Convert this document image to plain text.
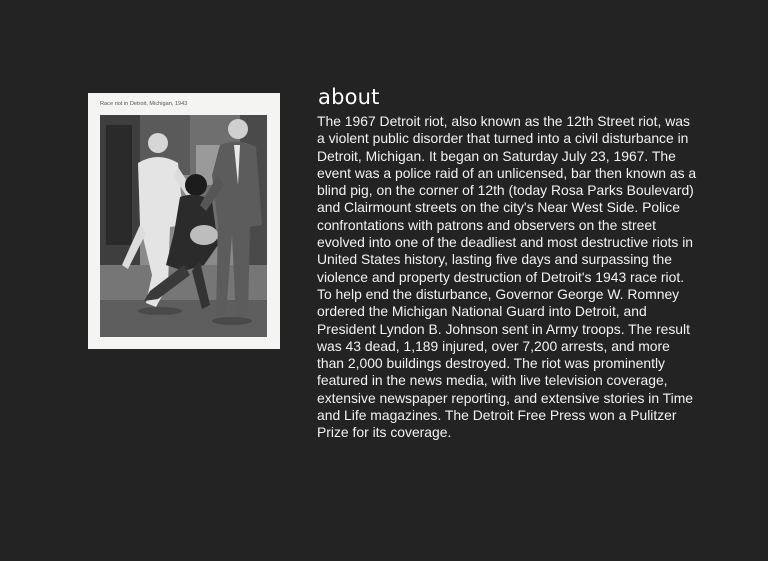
Race riot in Detroit, Michigan, 1943	about

The 1967 Detroit riot, also known as the 12th Street riot, was a violent public disorder that turned into a civil disturbance in Detroit, Michigan. It began on Saturday July 23, 1967. The event was a police raid of an unlicensed, bar then known as a blind pig, on the corner of 12th (today Rosa Parks Boulevard) and Clairmount streets on the city's Near West Side. Police confrontations with patrons and observers on the street evolved into one of the deadliest and most destructive riots in United States history, lasting five days and surpassing the violence and property destruction of Detroit's 1943 race riot.

To help end the disturbance, Governor George W. Romney ordered the Michigan National Guard into Detroit, and President Lyndon B. Johnson sent in Army troops. The result was 43 dead, 1,189 injured, over 7,200 arrests, and more than 2,000 buildings destroyed. The riot was prominently featured in the news media, with live television coverage, extensive newspaper reporting, and extensive stories in Time and Life magazines. The Detroit Free Press won a Pulitzer Prize for its coverage.
